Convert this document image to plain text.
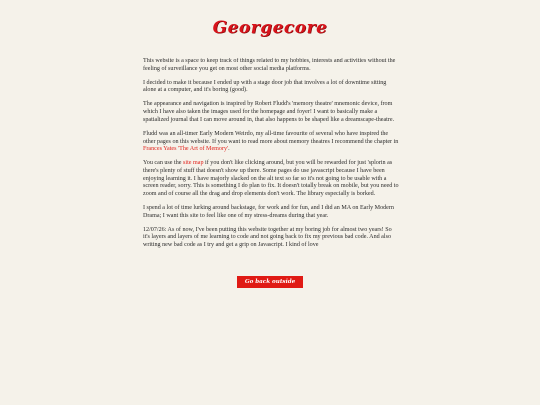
Georgecore

This website is a space to keep track of things related to my hobbies, interests and activities without the feeling of surveillance you get on most other social media platforms.

I decided to make it because I ended up with a stage door job that involves a lot of downtime sitting alone at a computer, and it's boring (good).

The appearance and navigation is inspired by Robert Fludd's 'memory theatre' mnemonic device, from which I have also taken the images used for the homepage and foyer! I want to basically make a spatialized journal that I can move around in, that also happens to be shaped like a dreamscape-theatre.

Fludd was an all-timer Early Modern Weirdo, my all-time favourite of several who have inspired the other pages on this website. If you want to read more about memory theatres I recommend the chapter in Frances Yates 'The Art of Memory'.

You can use the site map if you don't like clicking around, but you will be rewarded for just 'splorin as there's plenty of stuff that doesn't show up there. Some pages do use javascript because I have been enjoying learning it. I have majorly slacked on the alt text so far so it's not going to be usable with a screen reader, sorry. This is something I do plan to fix. It doesn't totally break on mobile, but you need to zoom and of course all the drag and drop elements don't work. The library especially is borked.

I spend a lot of time lurking around backstage, for work and for fun, and I did an MA on Early Modern Drama; I want this site to feel like one of my stress-dreams during that year.

12/07/26: As of now, I've been putting this website together at my boring job for almost two years! So it's layers and layers of me learning to code and not going back to fix my previous bad code. And also writing new bad code as I try and get a grip on Javascript. I kind of love

Go back outside
